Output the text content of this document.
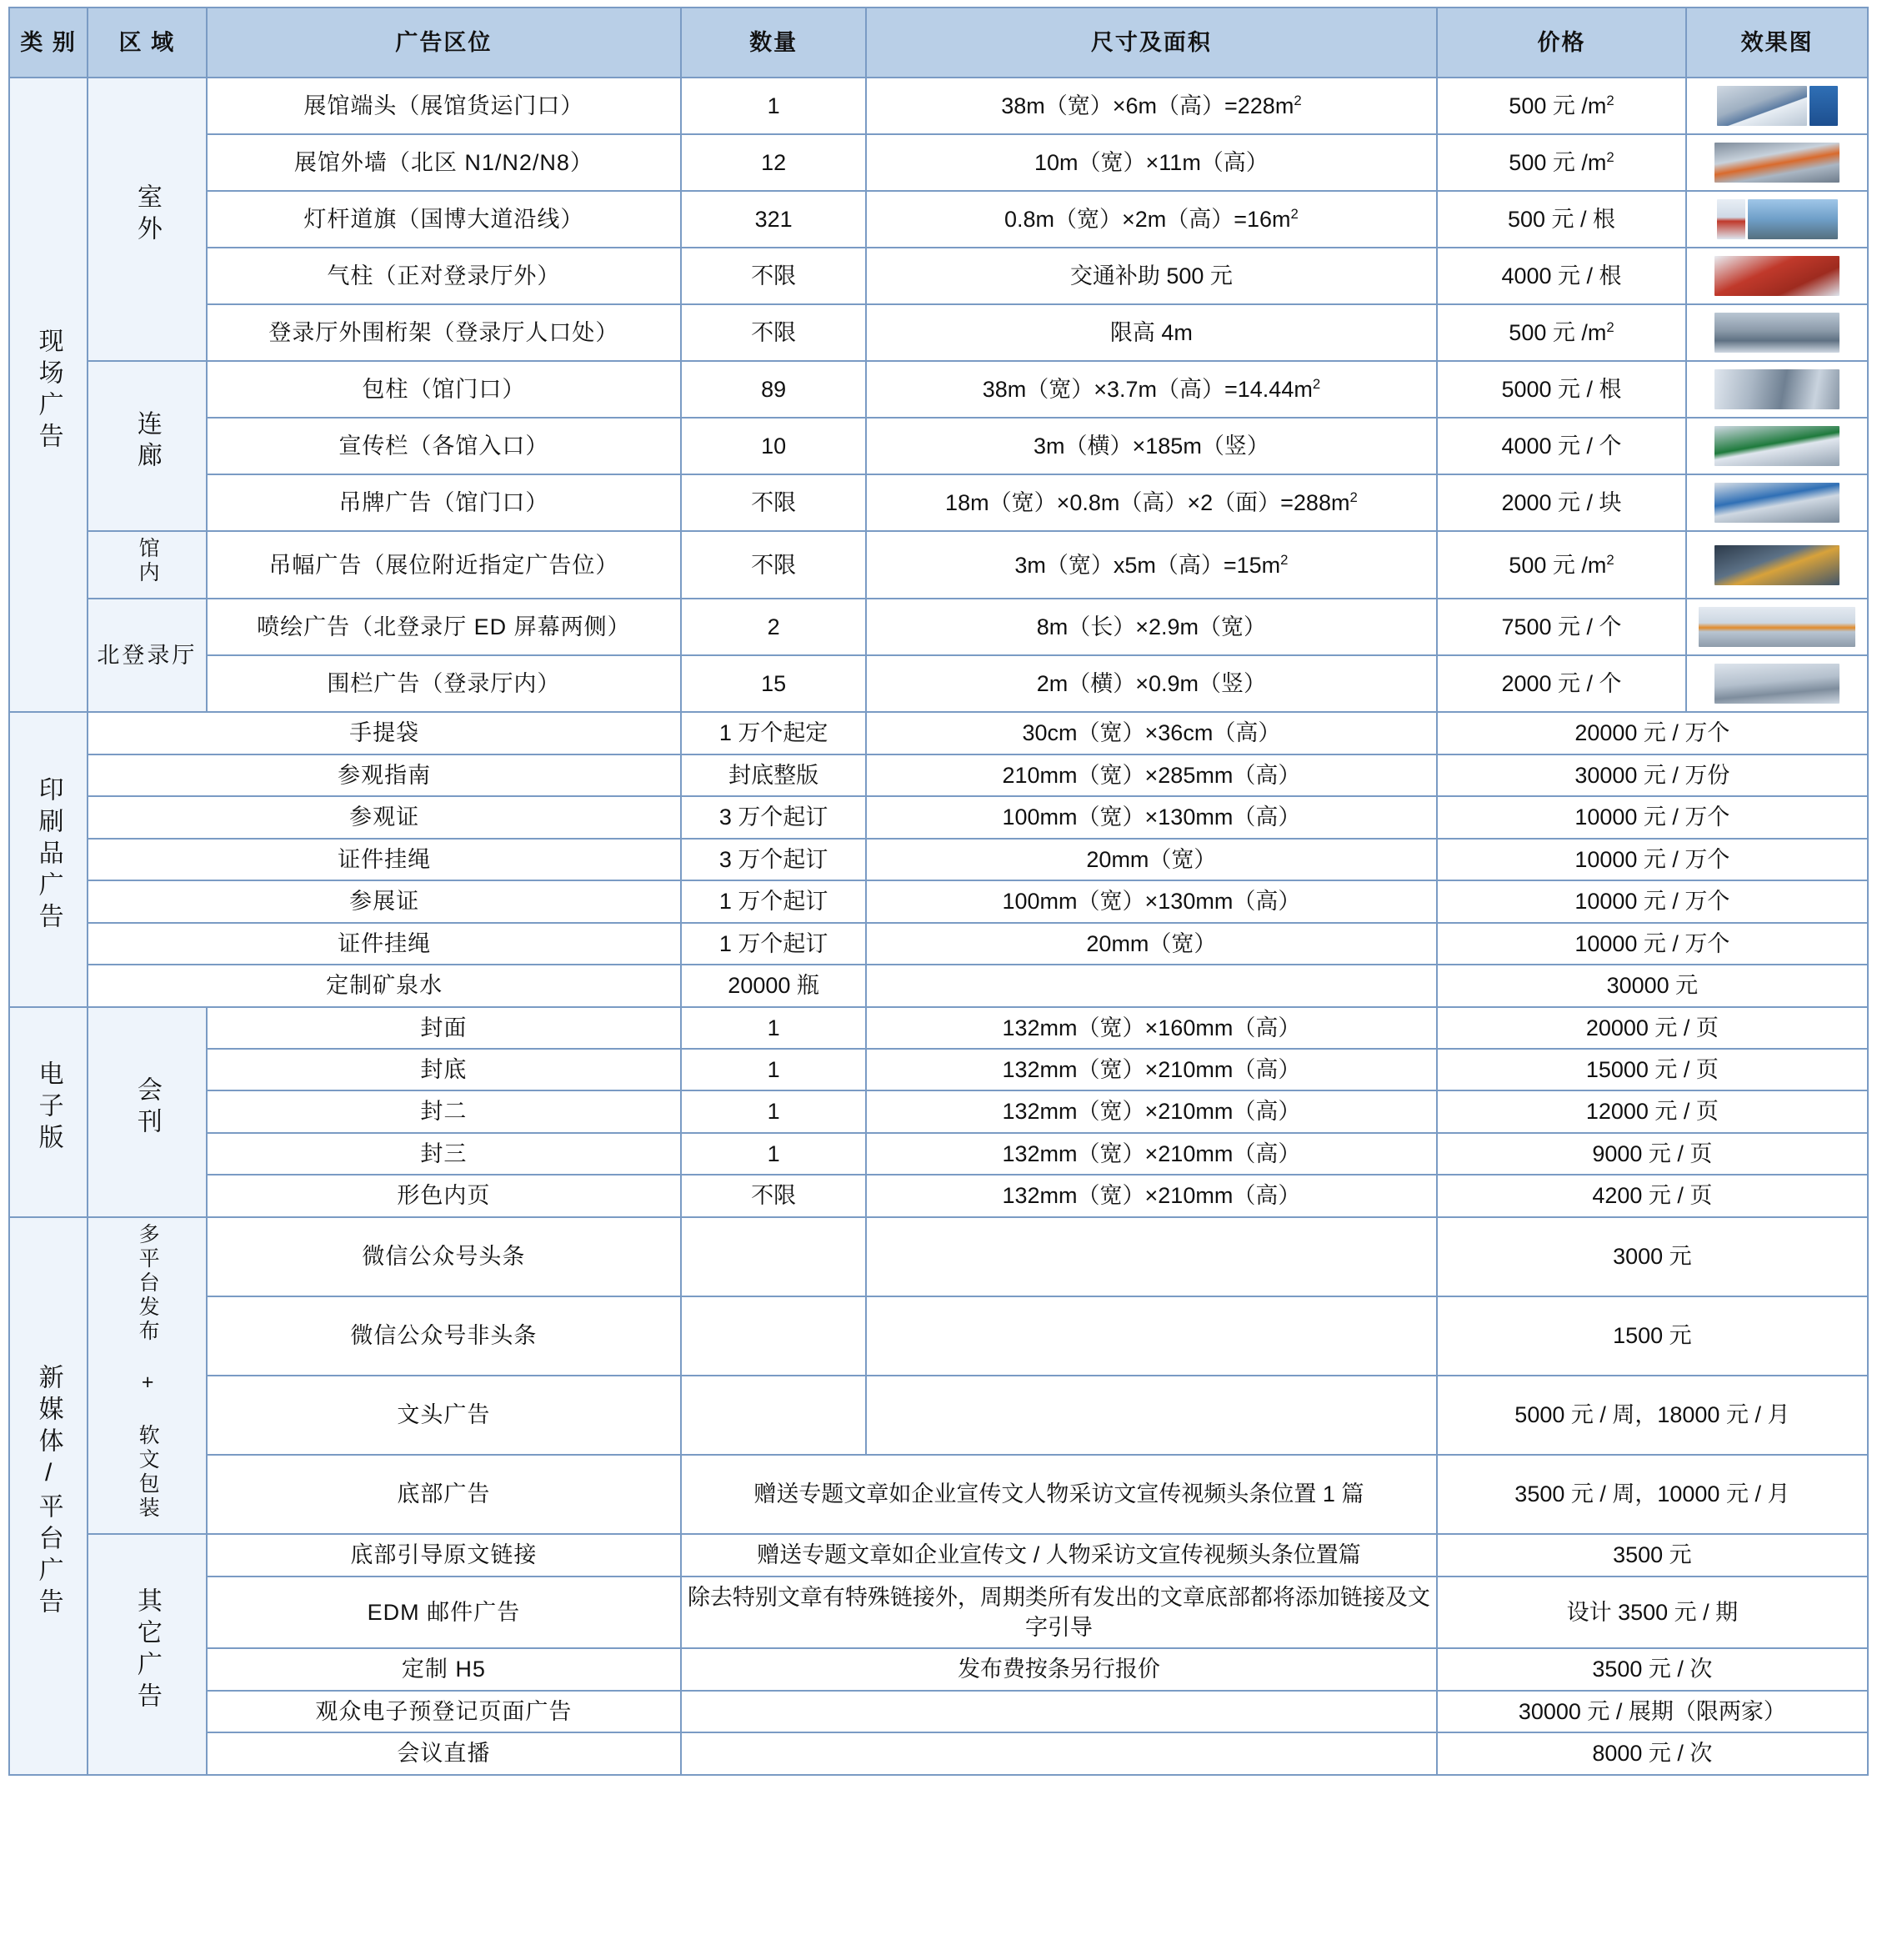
类 别	区 域	广告区位	数量	尺寸及面积	价格	效果图
现场广告	室外	展馆端头（展馆货运门口）	1	38m（宽）×6m（高）$=228m^2$	500 元 $/m^2$	

		展馆外墙（北区 N1/N2/N8）	12	10m（宽）×11m（高）	500 元 $/m^2$	

		灯杆道旗（国博大道沿线）	321	0.8m（宽）×2m（高）$=16m^2$	500 元 / 根	

		气柱（正对登录厅外）	不限	交通补助 500 元	4000 元 / 根	

		登录厅外围桁架（登录厅人口处）	不限	限高 4m	500 元 $/m^2$	

	连廊	包柱（馆门口）	89	38m（宽）×3.7m（高）$=14.44m^2$	5000 元 / 根	

		宣传栏（各馆入口）	10	3m（横）×185m（竖）	4000 元 / 个	

		吊牌广告（馆门口）	不限	18m（宽）×0.8m（高）×2（面）$=288m^2$	2000 元 / 块	

	馆内	吊幅广告（展位附近指定广告位）	不限	3m（宽）x5m（高）$=15m^2$	500 元 $/m^2$	

	北登录厅	喷绘广告（北登录厅 ED 屏幕两侧）	2	8m（长）×2.9m（宽）	7500 元 / 个	

		围栏广告（登录厅内）	15	2m（横）×0.9m（竖）	2000 元 / 个	

印刷品广告	手提袋		1 万个起定	30cm（宽）×36cm（高）	20000 元 / 万个	
	参观指南		封底整版	210mm（宽）×285mm（高）	30000 元 / 万份	
	参观证		3 万个起订	100mm（宽）×130mm（高）	10000 元 / 万个	
	证件挂绳		3 万个起订	20mm（宽）	10000 元 / 万个	
	参展证		1 万个起订	100mm（宽）×130mm（高）	10000 元 / 万个	
	证件挂绳		1 万个起订	20mm（宽）	10000 元 / 万个	
	定制矿泉水		20000 瓶		30000 元	
电子版	会刊	封面	1	132mm（宽）×160mm（高）	20000 元 / 页	
		封底	1	132mm（宽）×210mm（高）	15000 元 / 页	
		封二	1	132mm（宽）×210mm（高）	12000 元 / 页	
		封三	1	132mm（宽）×210mm（高）	9000 元 / 页	
		形色内页	不限	132mm（宽）×210mm（高）	4200 元 / 页	
新媒体/平台广告	多平台发布 + 软文包装	微信公众号头条			3000 元	
		微信公众号非头条			1500 元	
		文头广告			5000 元 / 周，18000 元 / 月	
		底部广告	赠送专题文章如企业宣传文人物采访文宣传视频头条位置 1 篇		3500 元 / 周，10000 元 / 月	
	其它广告	底部引导原文链接	赠送专题文章如企业宣传文 / 人物采访文宣传视频头条位置篇		3500 元	
		EDM 邮件广告	除去特别文章有特殊链接外，周期类所有发出的文章底部都将添加链接及文字引导		设计 3500 元 / 期	
		定制 H5	发布费按条另行报价		3500 元 / 次	
		观众电子预登记页面广告			30000 元 / 展期（限两家）	
		会议直播			8000 元 / 次	
